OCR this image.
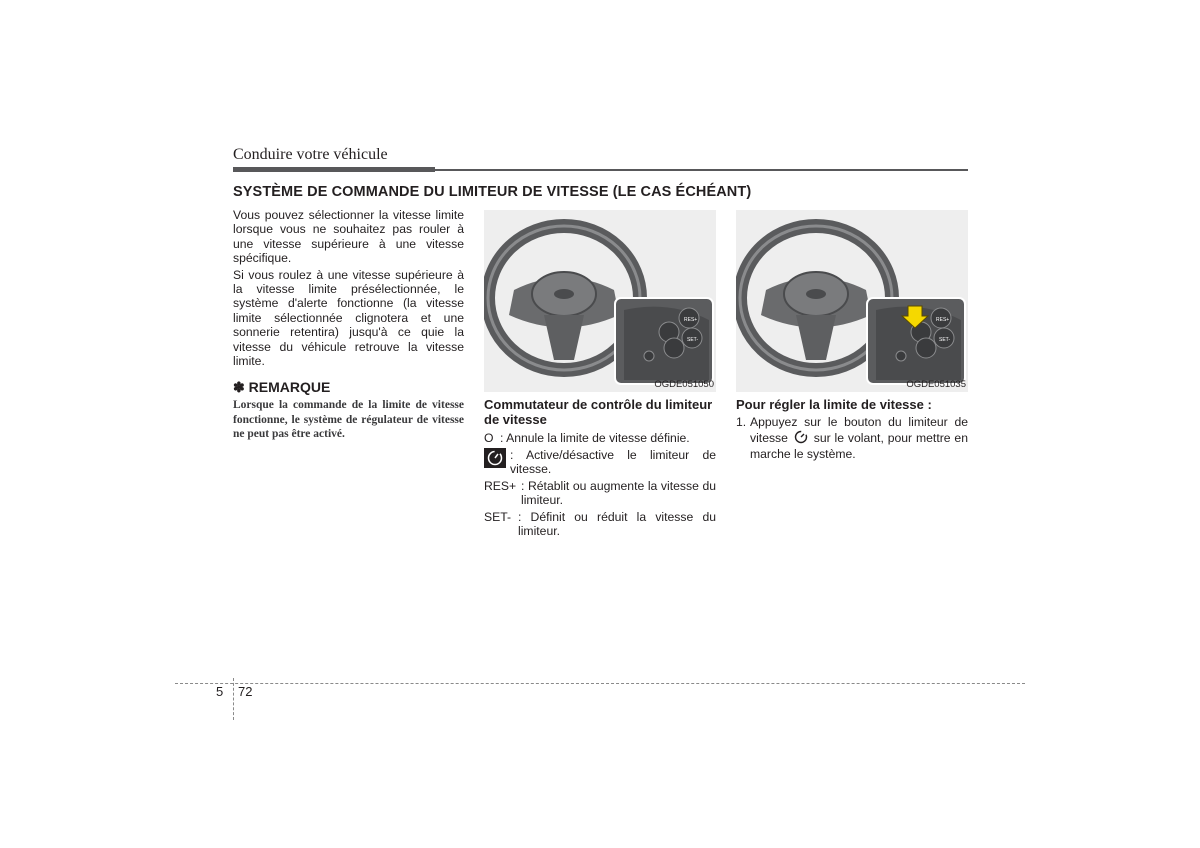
Conduire votre véhicule
SYSTÈME DE COMMANDE DU LIMITEUR DE VITESSE (LE CAS ÉCHÉANT)

Vous pouvez sélectionner la vitesse limite lorsque vous ne souhaitez pas rouler à une vitesse supérieure à une vitesse spécifique.

Si vous roulez à une vitesse supérieure à la vitesse limite présélectionnée, le système d'alerte fonctionne (la vitesse limite sélectionnée clignotera et une sonnerie retentira) jusqu'à ce quie la vitesse du véhicule retrouve la vitesse limite.

✽ REMARQUE
Lorsque la commande de la limite de vitesse fonctionne, le système de régulateur de vitesse ne peut pas être activé.
RES+
SET-
OGDE051050
RES+
SET-
OGDE051035
Commutateur de contrôle du limiteur de vitesse
O : Annule la limite de vitesse définie.
: Active/désactive le limiteur de vitesse.
RES+ : Rétablit ou augmente la vitesse du limiteur.
SET- : Définit ou réduit la vitesse du limiteur.
Pour régler la limite de vitesse :
1. Appuyez sur le bouton du limiteur de vitesse sur le volant, pour mettre en marche le système.
5 72
